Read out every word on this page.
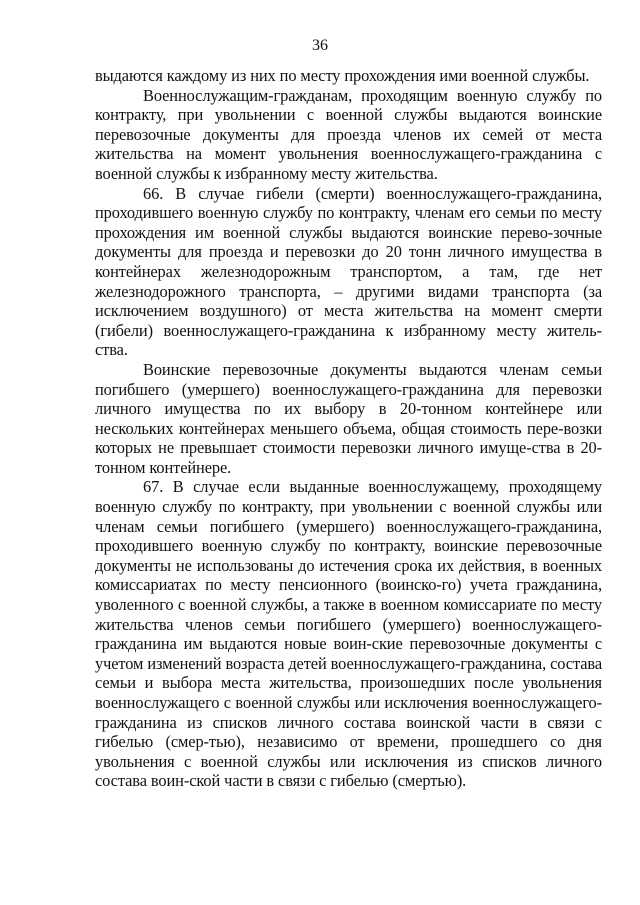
36

выдаются каждому из них по месту прохождения ими военной службы.

Военнослужащим-гражданам, проходящим военную службу по контракту, при увольнении с военной службы выдаются воинские перевозочные документы для проезда членов их семей от места жительства на момент увольнения военнослужащего-гражданина с военной службы к избранному месту жительства.

66. В случае гибели (смерти) военнослужащего-гражданина, проходившего военную службу по контракту, членам его семьи по месту прохождения им военной службы выдаются воинские перево-зочные документы для проезда и перевозки до 20 тонн личного имущества в контейнерах железнодорожным транспортом, а там, где нет железнодорожного транспорта, – другими видами транспорта (за исключением воздушного) от места жительства на момент смерти (гибели) военнослужащего-гражданина к избранному месту житель-ства.

Воинские перевозочные документы выдаются членам семьи погибшего (умершего) военнослужащего-гражданина для перевозки личного имущества по их выбору в 20-тонном контейнере или нескольких контейнерах меньшего объема, общая стоимость пере-возки которых не превышает стоимости перевозки личного имуще-ства в 20-тонном контейнере.

67. В случае если выданные военнослужащему, проходящему военную службу по контракту, при увольнении с военной службы или членам семьи погибшего (умершего) военнослужащего-гражданина, проходившего военную службу по контракту, воинские перевозочные документы не использованы до истечения срока их действия, в военных комиссариатах по месту пенсионного (воинско-го) учета гражданина, уволенного с военной службы, а также в военном комиссариате по месту жительства членов семьи погибшего (умершего) военнослужащего-гражданина им выдаются новые воин-ские перевозочные документы с учетом изменений возраста детей военнослужащего-гражданина, состава семьи и выбора места жительства, произошедших после увольнения военнослужащего с военной службы или исключения военнослужащего-гражданина из списков личного состава воинской части в связи с гибелью (смер-тью), независимо от времени, прошедшего со дня увольнения с военной службы или исключения из списков личного состава воин-ской части в связи с гибелью (смертью).
